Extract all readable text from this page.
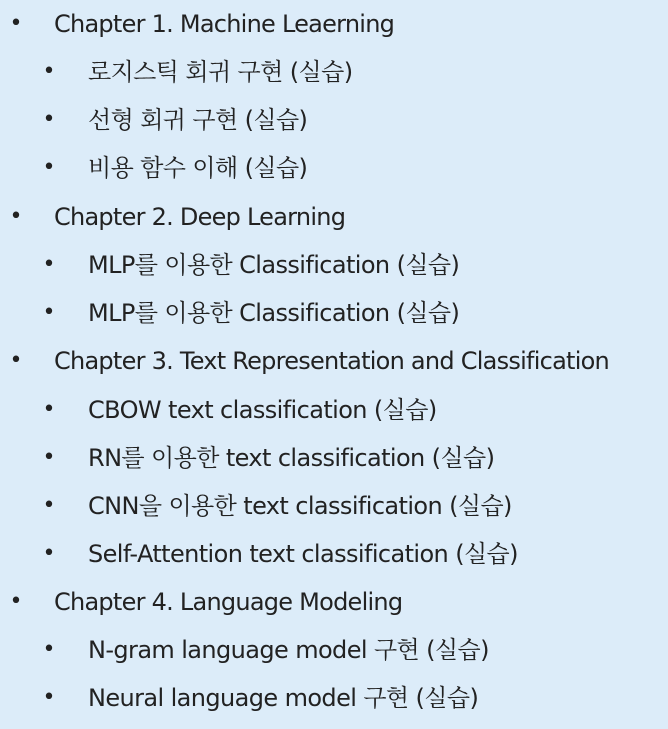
• Chapter 1. Machine Leaerning
• 로지스틱 회귀 구현 (실습)
• 선형 회귀 구현 (실습)
• 비용 함수 이해 (실습)
• Chapter 2. Deep Learning
• MLP를 이용한 Classification (실습)
• MLP를 이용한 Classification (실습)
• Chapter 3. Text Representation and Classification
• CBOW text classification (실습)
• RN를 이용한 text classification (실습)
• CNN을 이용한 text classification (실습)
• Self-Attention text classification (실습)
• Chapter 4. Language Modeling
• N-gram language model 구현 (실습)
• Neural language model 구현 (실습)
